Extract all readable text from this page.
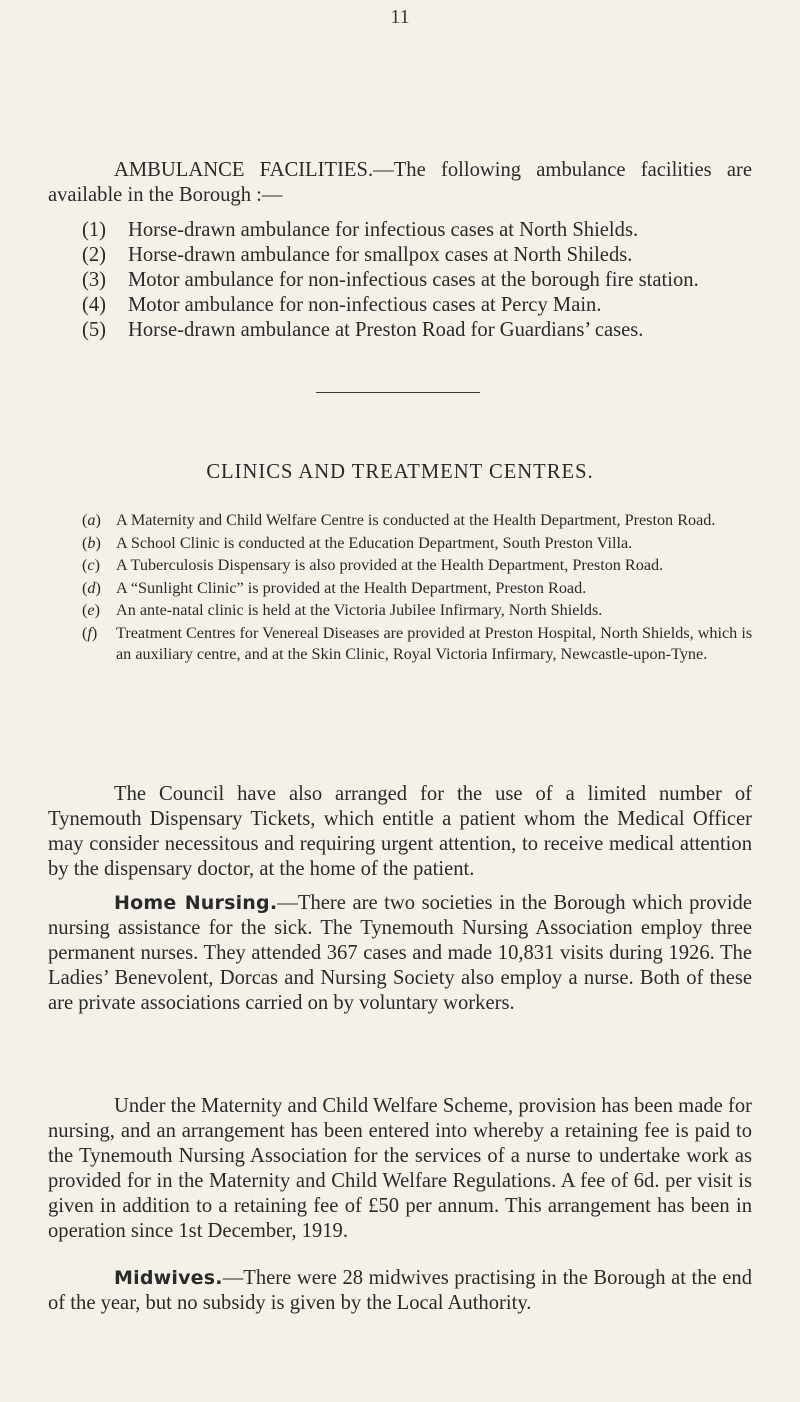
11

AMBULANCE FACILITIES.—The following ambulance facilities are available in the Borough :—

(1) Horse-drawn ambulance for infectious cases at North Shields.

(2) Horse-drawn ambulance for smallpox cases at North Shileds.

(3) Motor ambulance for non-infectious cases at the borough fire station.

(4) Motor ambulance for non-infectious cases at Percy Main.

(5) Horse-drawn ambulance at Preston Road for Guardians’ cases.

CLINICS AND TREATMENT CENTRES.

(a) A Maternity and Child Welfare Centre is conducted at the Health Department, Preston Road.

(b) A School Clinic is conducted at the Education Department, South Preston Villa.

(c) A Tuberculosis Dispensary is also provided at the Health Department, Preston Road.

(d) A “Sunlight Clinic” is provided at the Health Department, Preston Road.

(e) An ante-natal clinic is held at the Victoria Jubilee Infirmary, North Shields.

(f) Treatment Centres for Venereal Diseases are provided at Preston Hospital, North Shields, which is an auxiliary centre, and at the Skin Clinic, Royal Victoria Infirmary, Newcastle-upon-Tyne.

The Council have also arranged for the use of a limited number of Tynemouth Dispensary Tickets, which entitle a patient whom the Medical Officer may consider necessitous and requiring urgent attention, to receive medical attention by the dispensary doctor, at the home of the patient.

Home Nursing.—There are two societies in the Borough which provide nursing assistance for the sick. The Tynemouth Nursing Association employ three permanent nurses. They attended 367 cases and made 10,831 visits during 1926. The Ladies’ Benevolent, Dorcas and Nursing Society also employ a nurse. Both of these are private associations carried on by voluntary workers.

Under the Maternity and Child Welfare Scheme, provision has been made for nursing, and an arrangement has been entered into whereby a retaining fee is paid to the Tynemouth Nursing Association for the services of a nurse to undertake work as provided for in the Maternity and Child Welfare Regulations. A fee of 6d. per visit is given in addition to a retaining fee of £50 per annum. This arrangement has been in operation since 1st December, 1919.

Midwives.—There were 28 midwives practising in the Borough at the end of the year, but no subsidy is given by the Local Authority.
